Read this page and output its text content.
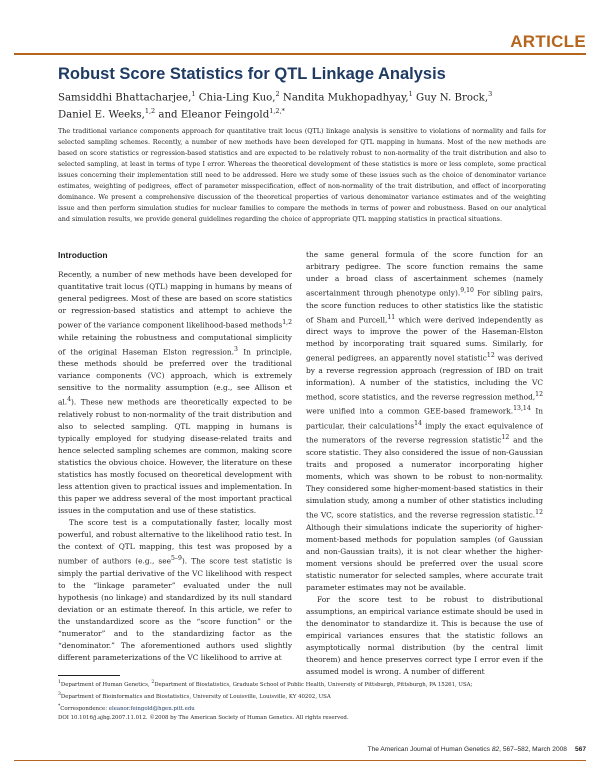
ARTICLE
Robust Score Statistics for QTL Linkage Analysis
Samsiddhi Bhattacharjee,$^1$ Chia-Ling Kuo,$^2$ Nandita Mukhopadhyay,$^1$ Guy N. Brock,$^3$
Daniel E. Weeks,$^{1,2}$ and Eleanor Feingold$^{1,2,*}$
The traditional variance components approach for quantitative trait locus (QTL) linkage analysis is sensitive to violations of normality and fails for selected sampling schemes. Recently, a number of new methods have been developed for QTL mapping in humans. Most of the new methods are based on score statistics or regression-based statistics and are expected to be relatively robust to non-normality of the trait distribution and also to selected sampling, at least in terms of type I error. Whereas the theoretical development of these statistics is more or less complete, some practical issues concerning their implementation still need to be addressed. Here we study some of these issues such as the choice of denominator variance estimates, weighting of pedigrees, effect of parameter misspecification, effect of non-normality of the trait distribution, and effect of incorporating dominance. We present a comprehensive discussion of the theoretical properties of various denominator variance estimates and of the weighting issue and then perform simulation studies for nuclear families to compare the methods in terms of power and robustness. Based on our analytical and simulation results, we provide general guidelines regarding the choice of appropriate QTL mapping statistics in practical situations.
Introduction

Recently, a number of new methods have been developed for quantitative trait locus (QTL) mapping in humans by means of general pedigrees. Most of these are based on score statistics or regression-based statistics and attempt to achieve the power of the variance component likelihood-based methods$^{1,2}$ while retaining the robustness and computational simplicity of the original Haseman Elston regression.$^3$ In principle, these methods should be preferred over the traditional variance components (VC) approach, which is extremely sensitive to the normality assumption (e.g., see Allison et al.$^4$). These new methods are theoretically expected to be relatively robust to non-normality of the trait distribution and also to selected sampling. QTL mapping in humans is typically employed for studying disease-related traits and hence selected sampling schemes are common, making score statistics the obvious choice. However, the literature on these statistics has mostly focused on theoretical development with less attention given to practical issues and implementation. In this paper we address several of the most important practical issues in the computation and use of these statistics.

The score test is a computationally faster, locally most powerful, and robust alternative to the likelihood ratio test. In the context of QTL mapping, this test was proposed by a number of authors (e.g., see$^{5-9}$). The score test statistic is simply the partial derivative of the VC likelihood with respect to the “linkage parameter” evaluated under the null hypothesis (no linkage) and standardized by its null standard deviation or an estimate thereof. In this article, we refer to the unstandardized score as the “score function” or the “numerator” and to the standardizing factor as the “denominator.” The aforementioned authors used slightly different parameterizations of the VC likelihood to arrive at

the same general formula of the score function for an arbitrary pedigree. The score function remains the same under a broad class of ascertainment schemes (namely ascertainment through phenotype only).$^{9,10}$ For sibling pairs, the score function reduces to other statistics like the statistic of Sham and Purcell,$^{11}$ which were derived independently as direct ways to improve the power of the Haseman-Elston method by incorporating trait squared sums. Similarly, for general pedigrees, an apparently novel statistic$^{12}$ was derived by a reverse regression approach (regression of IBD on trait information). A number of the statistics, including the VC method, score statistics, and the reverse regression method,$^{12}$ were unified into a common GEE-based framework.$^{13,14}$ In particular, their calculations$^{14}$ imply the exact equivalence of the numerators of the reverse regression statistic$^{12}$ and the score statistic. They also considered the issue of non-Gaussian traits and proposed a numerator incorporating higher moments, which was shown to be robust to non-normality. They considered some higher-moment-based statistics in their simulation study, among a number of other statistics including the VC, score statistics, and the reverse regression statistic.$^{12}$ Although their simulations indicate the superiority of higher-moment-based methods for population samples (of Gaussian and non-Gaussian traits), it is not clear whether the higher-moment versions should be preferred over the usual score statistic numerator for selected samples, where accurate trait parameter estimates may not be available.

For the score test to be robust to distributional assumptions, an empirical variance estimate should be used in the denominator to standardize it. This is because the use of empirical variances ensures that the statistic follows an asymptotically normal distribution (by the central limit theorem) and hence preserves correct type I error even if the assumed model is wrong. A number of different

$^1$Department of Human Genetics, $^2$Department of Biostatistics, Graduate School of Public Health, University of Pittsburgh, Pittsburgh, PA 15261, USA;
$^3$Department of Bioinformatics and Biostatistics, University of Louisville, Louisville, KY 40202, USA
*Correspondence: eleanor.feingold@hgen.pitt.edu
DOI 10.1016/j.ajhg.2007.11.012. ©2008 by The American Society of Human Genetics. All rights reserved.
The American Journal of Human Genetics 82, 567–582, March 2008 567
